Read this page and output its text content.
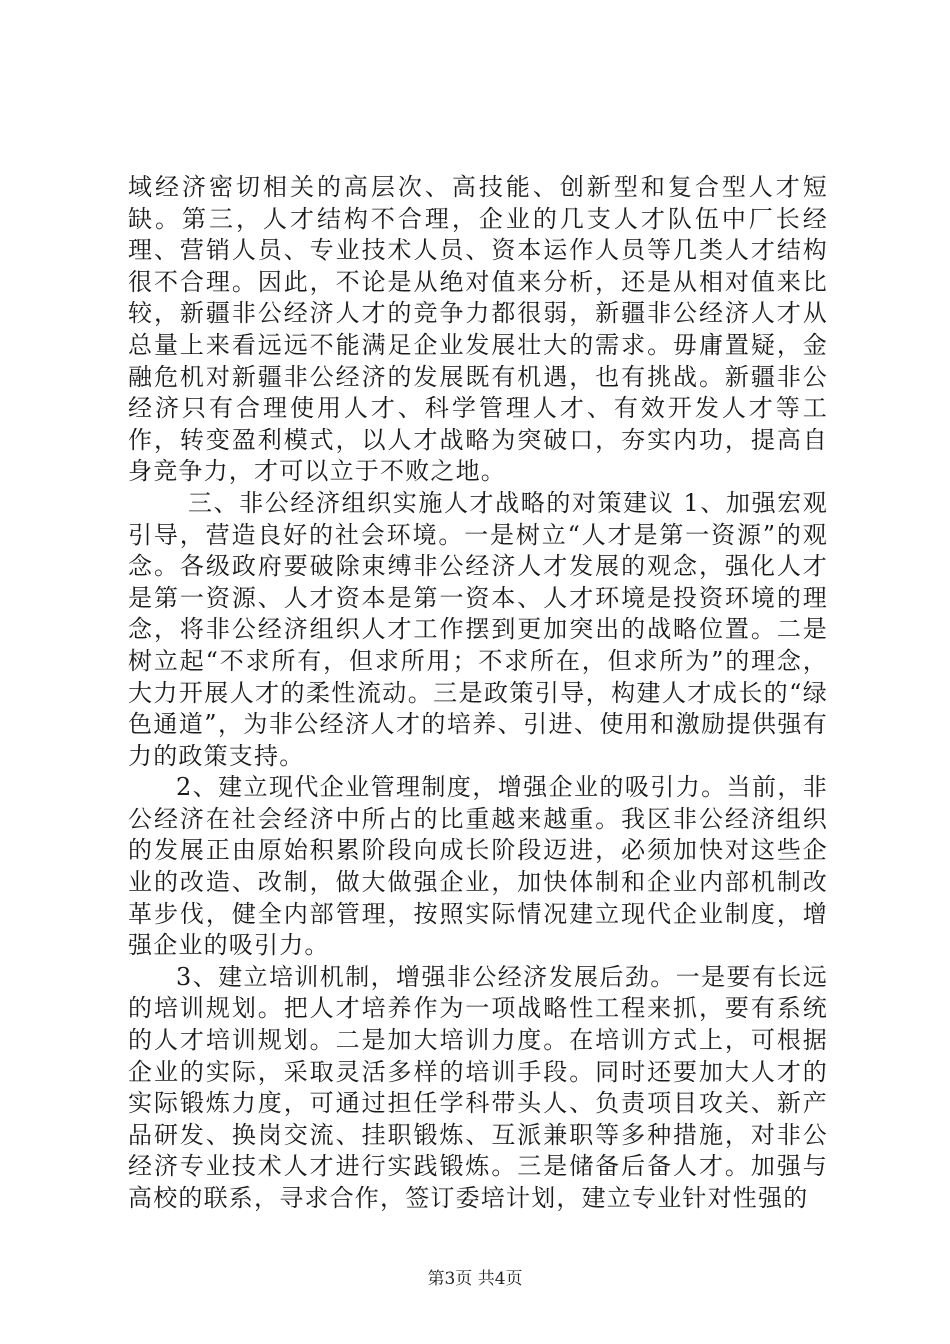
域经济密切相关的高层次、高技能、创新型和复合型人才短缺。第三，人才结构不合理，企业的几支人才队伍中厂长经理、营销人员、专业技术人员、资本运作人员等几类人才结构很不合理。因此，不论是从绝对值来分析，还是从相对值来比较，新疆非公经济人才的竞争力都很弱，新疆非公经济人才从总量上来看远远不能满足企业发展壮大的需求。毋庸置疑，金融危机对新疆非公经济的发展既有机遇，也有挑战。新疆非公经济只有合理使用人才、科学管理人才、有效开发人才等工作，转变盈利模式，以人才战略为突破口，夯实内功，提高自身竞争力，才可以立于不败之地。

三、非公经济组织实施人才战略的对策建议 1、加强宏观引导，营造良好的社会环境。一是树立“人才是第一资源”的观念。各级政府要破除束缚非公经济人才发展的观念，强化人才是第一资源、人才资本是第一资本、人才环境是投资环境的理念，将非公经济组织人才工作摆到更加突出的战略位置。二是树立起“不求所有，但求所用；不求所在，但求所为”的理念，大力开展人才的柔性流动。三是政策引导，构建人才成长的“绿色通道”，为非公经济人才的培养、引进、使用和激励提供强有力的政策支持。

2、建立现代企业管理制度，增强企业的吸引力。当前，非公经济在社会经济中所占的比重越来越重。我区非公经济组织的发展正由原始积累阶段向成长阶段迈进，必须加快对这些企业的改造、改制，做大做强企业，加快体制和企业内部机制改革步伐，健全内部管理，按照实际情况建立现代企业制度，增强企业的吸引力。

3、建立培训机制，增强非公经济发展后劲。一是要有长远的培训规划。把人才培养作为一项战略性工程来抓，要有系统的人才培训规划。二是加大培训力度。在培训方式上，可根据企业的实际，采取灵活多样的培训手段。同时还要加大人才的实际锻炼力度，可通过担任学科带头人、负责项目攻关、新产品研发、换岗交流、挂职锻炼、互派兼职等多种措施，对非公经济专业技术人才进行实践锻炼。三是储备后备人才。加强与高校的联系，寻求合作，签订委培计划，建立专业针对性强的

第3页 共4页
